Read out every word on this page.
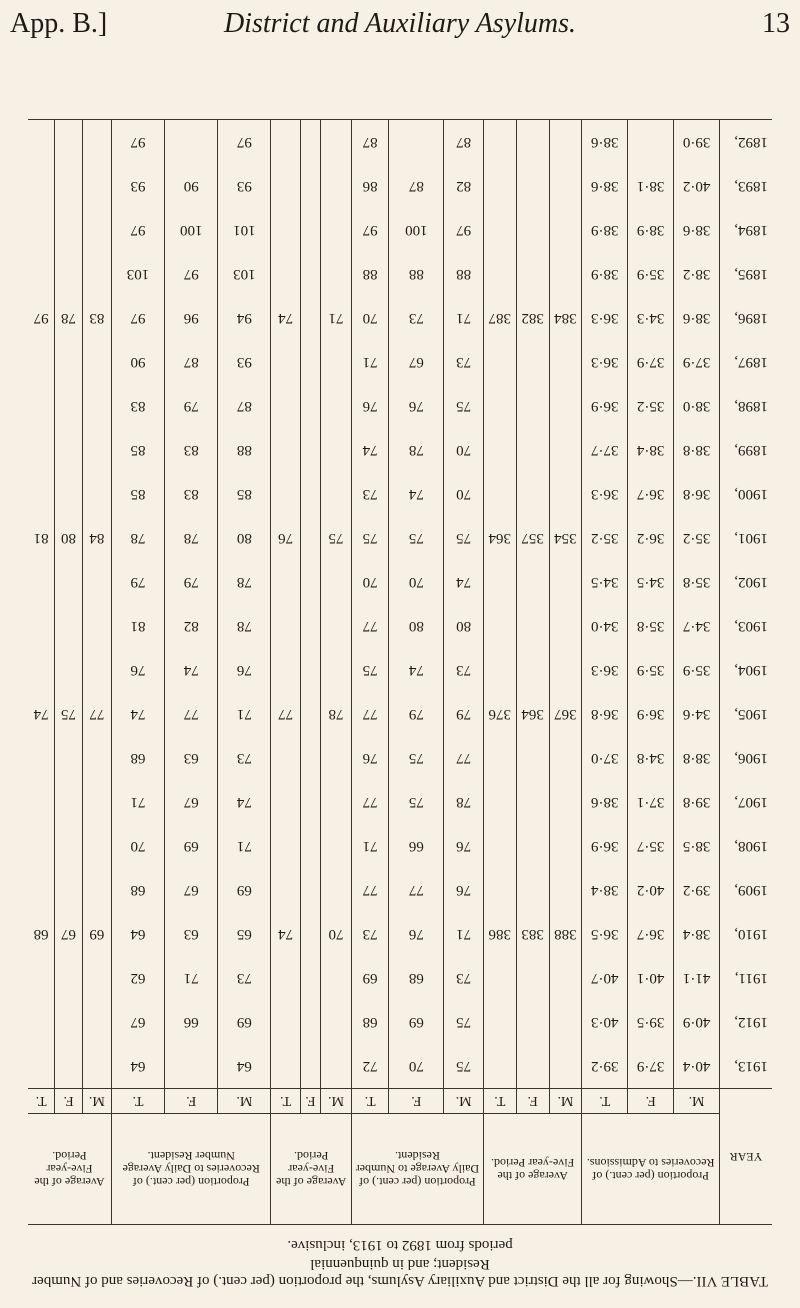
App. B.]	District and Auxiliary Asylums.	13
TABLE VII.—Showing for all the District and Auxiliary Asylums, the proportion (per cent.) of Recoveries and of Number Resident; and in quinquennial
periods from 1892 to 1913, inclusive.
YEAR	Proportion (per cent.) of Recoveries to Admissions.			Average of the Five-year Period.			Proportion (per cent.) of Daily Average to Number Resident.			Average of the Five-year Period.			Proportion (per cent.) of Recoveries to Daily Average Number Resident.			Average of the Five-year Period.		
	M.	F.	T.	M.	F.	T.	M.	F.	T.	M.	F.	T.	M.	F.	T.	M.	F.	T.
1913,	40·4	37·9	39·2				75	70	72				64		64			
1912,	40·9	39·5	40·3				75	69	68				69	66	67			
1911,	41·1	40·1	40·7				73	68	69				73	71	62			
1910,	38·4	36·7	36·5	388	383	386	71	76	73	70		74	65	63	64	69	67	68
1909,	39·2	40·2	38·4				76	77	77				69	67	68			
1908,	38·5	35·7	36·9				76	66	71				71	69	70			
1907,	39·8	37·1	38·6				78	75	77				74	67	71			
1906,	38·8	34·8	37·0				77	75	76				73	63	68			
1905,	34·6	36·9	36·8	367	364	376	79	79	77	78		77	71	77	74	77	75	74
1904,	35·9	35·9	36·3				73	74	75				76	74	76			
1903,	34·7	35·8	34·0				80	80	77				78	82	81			
1902,	35·8	34·5	34·5				74	70	70				78	79	79			
1901,	35·2	36·2	35·2	354	357	364	75	75	75	75		76	80	78	78	84	80	81
1900,	36·8	36·7	36·3				70	74	73				85	83	85			
1899,	38·8	38·4	37·7				70	78	74				88	83	85			
1898,	38·0	35·2	36·9				75	76	76				87	79	83			
1897,	37·9	37·9	36·3				73	67	71				93	87	90			
1896,	38·6	34·3	36·3	384	382	387	71	73	70	71		74	94	96	97	83	78	97
1895,	38·2	35·9	38·9				88	88	88				103	97	103			
1894,	38·6	38·9	38·9				97	100	97				101	100	97			
1893,	40·2	38·1	38·6				82	87	86				93	90	93			
1892,	39·0		38·6				87		87				97		97			
